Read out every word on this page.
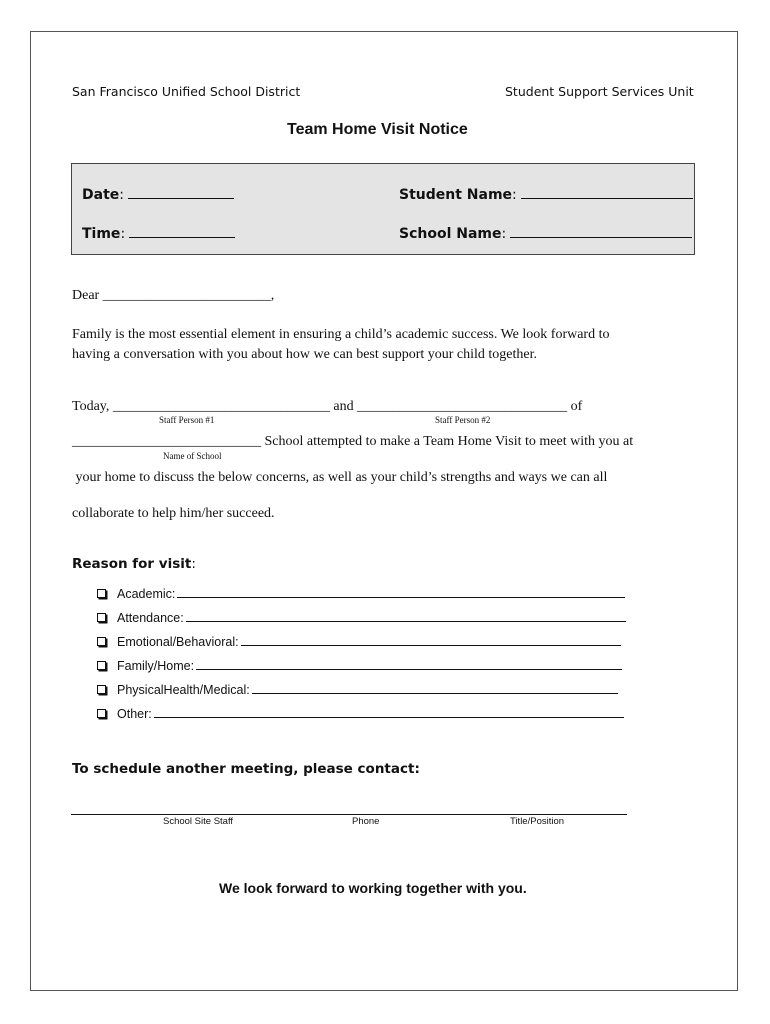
San Francisco Unified School District	Student Support Services Unit
Team Home Visit Notice
Date:
Time:
Student Name:
School Name:
Dear ________________________,
Family is the most essential element in ensuring a child’s academic success. We look forward to
having a conversation with you about how we can best support your child together.
Today, _______________________________ and ______________________________ of
Staff Person #1	Staff Person #2
___________________________ School attempted to make a Team Home Visit to meet with you at
Name of School
your home to discuss the below concerns, as well as your child’s strengths and ways we can all
collaborate to help him/her succeed.
Reason for visit:
Academic:
Attendance:
Emotional/Behavioral:
Family/Home:
PhysicalHealth/Medical:
Other:
To schedule another meeting, please contact:
School Site Staff	Phone	Title/Position
We look forward to working together with you.
